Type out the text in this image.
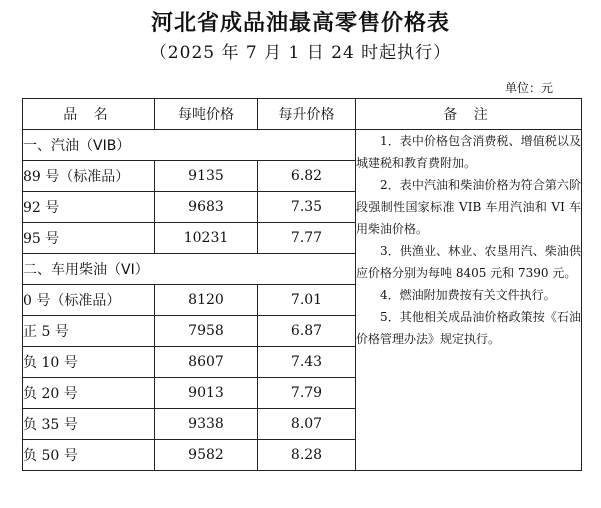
河北省成品油最高零售价格表
（2025 年 7 月 1 日 24 时起执行）
单位：元
品 名	每吨价格	每升价格	备 注
一、汽油（VIB）			1．表中价格包含消费税、增值税以及城建税和教育费附加。

2．表中汽油和柴油价格为符合第六阶段强制性国家标准 VIB 车用汽油和 VI 车用柴油价格。

3．供渔业、林业、农垦用汽、柴油供应价格分别为每吨 8405 元和 7390 元。

4．燃油附加费按有关文件执行。

5．其他相关成品油价格政策按《石油价格管理办法》规定执行。

89 号（标准品）	9135	6.82	
92 号	9683	7.35	
95 号	10231	7.77	
二、车用柴油（VI）			
0 号（标准品）	8120	7.01	
正 5 号	7958	6.87	
负 10 号	8607	7.43	
负 20 号	9013	7.79	
负 35 号	9338	8.07	
负 50 号	9582	8.28	
